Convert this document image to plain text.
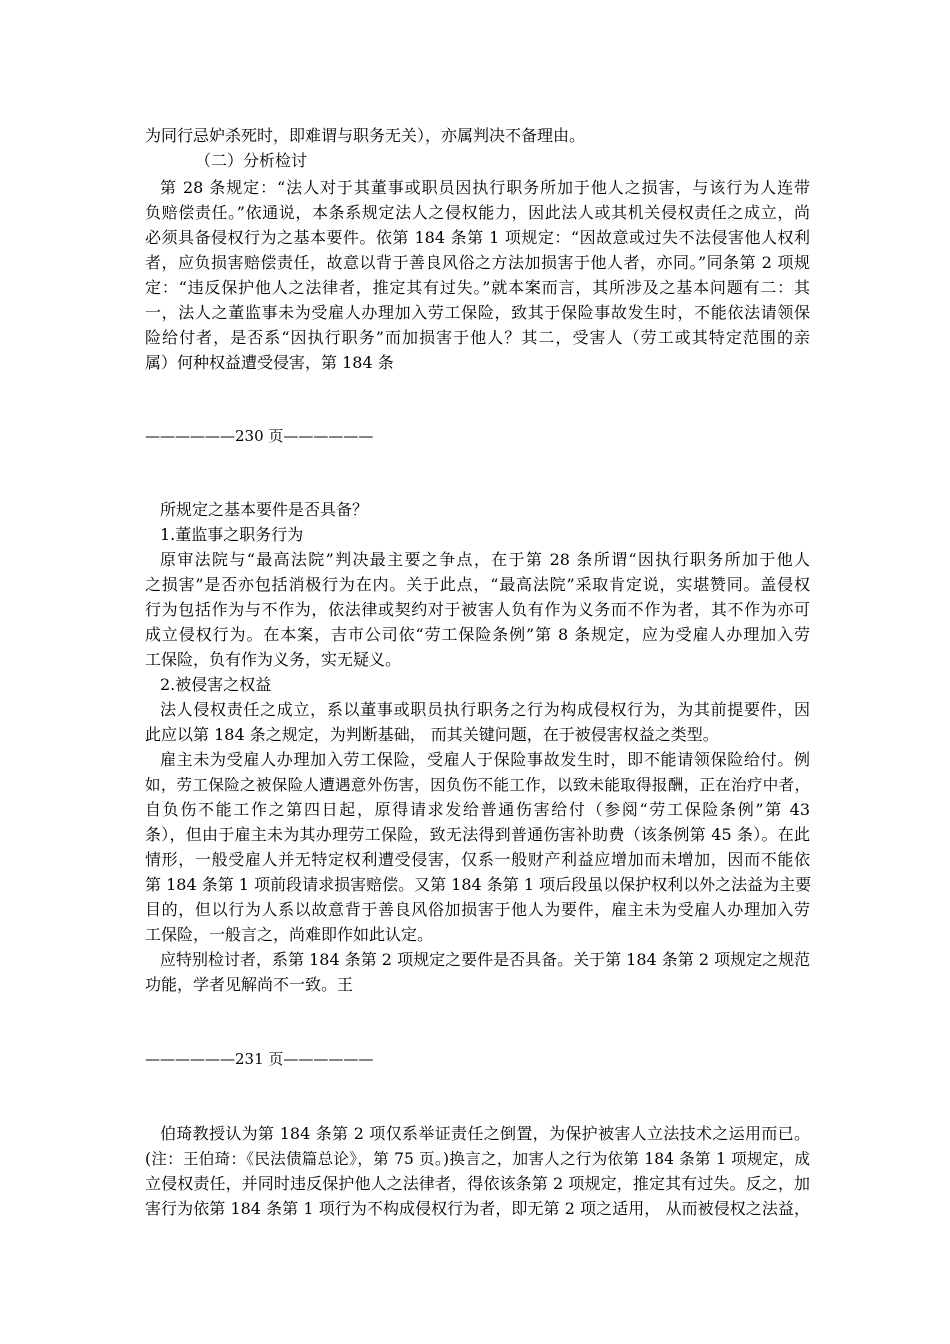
为同行忌妒杀死时，即难谓与职务无关），亦属判决不备理由。
（二）分析检讨
第 28 条规定：“法人对于其董事或职员因执行职务所加于他人之损害，与该行为人连带
负赔偿责任。”依通说，本条系规定法人之侵权能力，因此法人或其机关侵权责任之成立，尚
必须具备侵权行为之基本要件。依第 184 条第 1 项规定：“因故意或过失不法侵害他人权利
者，应负损害赔偿责任，故意以背于善良风俗之方法加损害于他人者，亦同。”同条第 2 项规
定：“违反保护他人之法律者，推定其有过失。”就本案而言，其所涉及之基本问题有二：其
一，法人之董监事未为受雇人办理加入劳工保险，致其于保险事故发生时，不能依法请领保
险给付者，是否系“因执行职务”而加损害于他人？其二，受害人（劳工或其特定范围的亲
属）何种权益遭受侵害，第 184 条
——————230 页——————
所规定之基本要件是否具备？
1.董监事之职务行为
原审法院与“最高法院”判决最主要之争点，在于第 28 条所谓“因执行职务所加于他人
之损害”是否亦包括消极行为在内。关于此点，“最高法院”采取肯定说，实堪赞同。盖侵权
行为包括作为与不作为，依法律或契约对于被害人负有作为义务而不作为者，其不作为亦可
成立侵权行为。在本案，吉市公司依“劳工保险条例”第 8 条规定，应为受雇人办理加入劳
工保险，负有作为义务，实无疑义。
2.被侵害之权益
法人侵权责任之成立，系以董事或职员执行职务之行为构成侵权行为，为其前提要件，因
此应以第 184 条之规定，为判断基础， 而其关键问题，在于被侵害权益之类型。
雇主未为受雇人办理加入劳工保险，受雇人于保险事故发生时，即不能请领保险给付。例
如，劳工保险之被保险人遭遇意外伤害，因负伤不能工作，以致未能取得报酬，正在治疗中者，
自负伤不能工作之第四日起，原得请求发给普通伤害给付（参阅“劳工保险条例”第 43
条），但由于雇主未为其办理劳工保险，致无法得到普通伤害补助费（该条例第 45 条）。在此
情形，一般受雇人并无特定权利遭受侵害，仅系一般财产利益应增加而未增加，因而不能依
第 184 条第 1 项前段请求损害赔偿。又第 184 条第 1 项后段虽以保护权利以外之法益为主要
目的，但以行为人系以故意背于善良风俗加损害于他人为要件，雇主未为受雇人办理加入劳
工保险，一般言之，尚难即作如此认定。
应特别检讨者，系第 184 条第 2 项规定之要件是否具备。关于第 184 条第 2 项规定之规范
功能，学者见解尚不一致。王
——————231 页——————
伯琦教授认为第 184 条第 2 项仅系举证责任之倒置，为保护被害人立法技术之运用而已。
(注：王伯琦：《民法债篇总论》，第 75 页。)换言之，加害人之行为依第 184 条第 1 项规定，成
立侵权责任，并同时违反保护他人之法律者，得依该条第 2 项规定，推定其有过失。反之，加
害行为依第 184 条第 1 项行为不构成侵权行为者，即无第 2 项之适用， 从而被侵权之法益，
